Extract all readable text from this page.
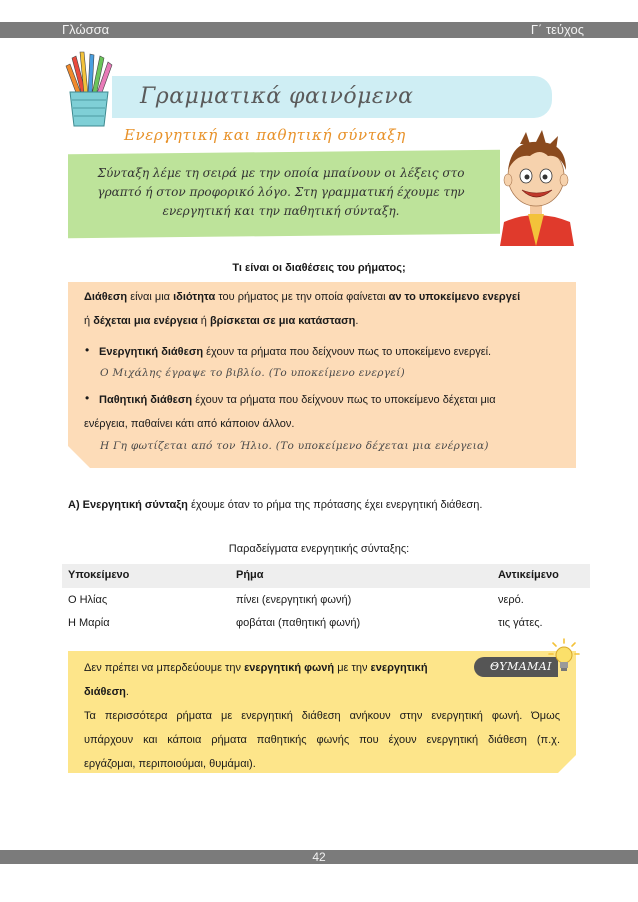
Γλώσσα	Γ΄ τεύχος
Γραμματικά φαινόμενα
Ενεργητική και παθητική σύνταξη
Σύνταξη λέμε τη σειρά με την οποία μπαίνουν οι λέξεις στο
γραπτό ή στον προφορικό λόγο. Στη γραμματική έχουμε την
ενεργητική και την παθητική σύνταξη.
Τι είναι οι διαθέσεις του ρήματος;
Διάθεση είναι μια ιδιότητα του ρήματος με την οποία φαίνεται αν το υποκείμενο ενεργεί
ή δέχεται μια ενέργεια ή βρίσκεται σε μια κατάσταση.
• Ενεργητική διάθεση έχουν τα ρήματα που δείχνουν πως το υποκείμενο ενεργεί.
Ο Μιχάλης έγραψε το βιβλίο. (Το υποκείμενο ενεργεί)
• Παθητική διάθεση έχουν τα ρήματα που δείχνουν πως το υποκείμενο δέχεται μια
ενέργεια, παθαίνει κάτι από κάποιον άλλον.
Η Γη φωτίζεται από τον Ήλιο. (Το υποκείμενο δέχεται μια ενέργεια)
Α) Ενεργητική σύνταξη έχουμε όταν το ρήμα της πρότασης έχει ενεργητική διάθεση.
Παραδείγματα ενεργητικής σύνταξης:
Υποκείμενο	Ρήμα	Αντικείμενο
Ο Ηλίας	πίνει (ενεργητική φωνή)	νερό.
Η Μαρία	φοβάται (παθητική φωνή)	τις γάτες.
ΘΥΜΑΜΑΙ
Δεν πρέπει να μπερδεύουμε την ενεργητική φωνή με την ενεργητική
διάθεση.
Τα περισσότερα ρήματα με ενεργητική διάθεση ανήκουν στην ενεργητική φωνή. Όμως
υπάρχουν και κάποια ρήματα παθητικής φωνής που έχουν ενεργητική διάθεση (π.χ.
εργάζομαι, περιποιούμαι, θυμάμαι).
42
